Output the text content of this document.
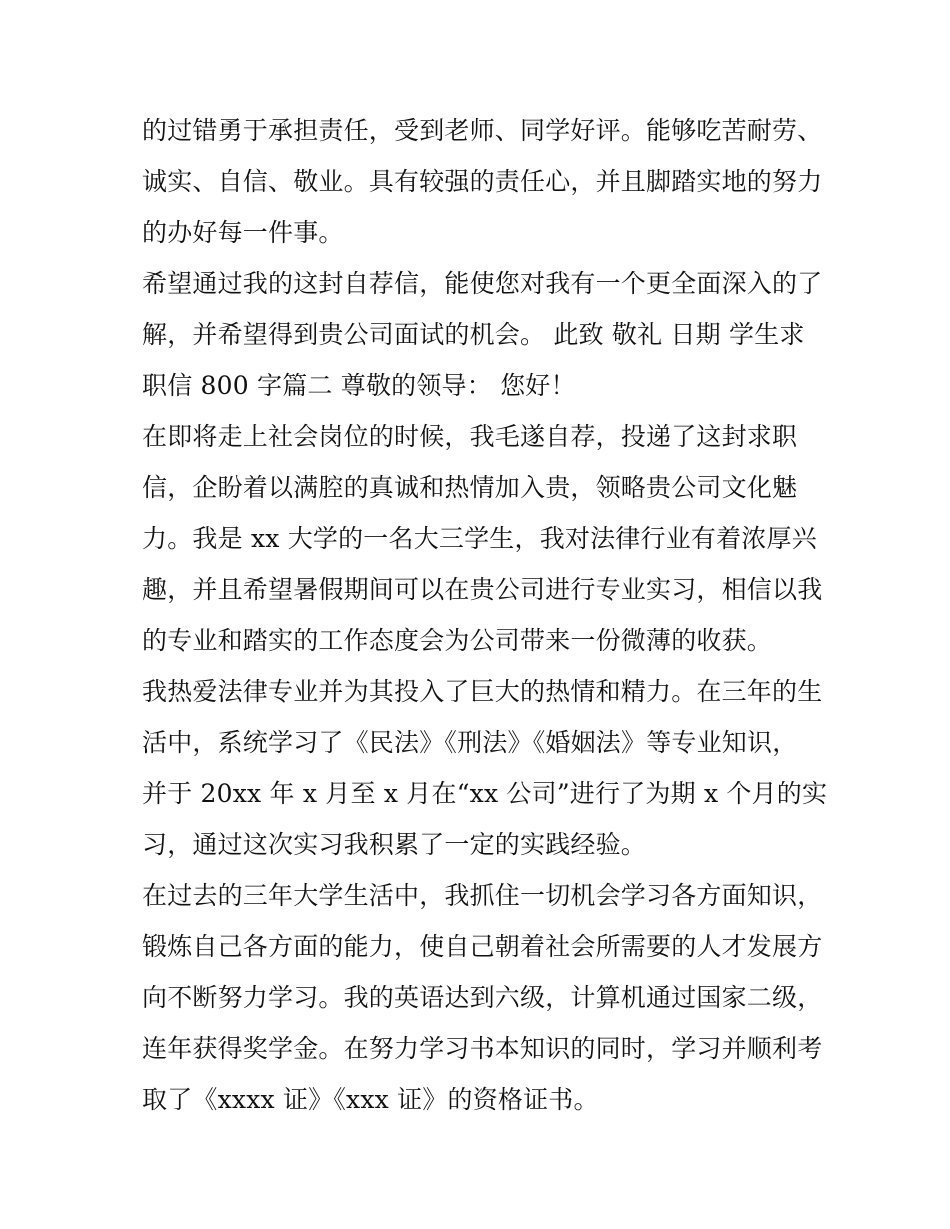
的过错勇于承担责任，受到老师、同学好评。能够吃苦耐劳、
诚实、自信、敬业。具有较强的责任心，并且脚踏实地的努力
的办好每一件事。
希望通过我的这封自荐信，能使您对我有一个更全面深入的了
解，并希望得到贵公司面试的机会。 此致 敬礼 日期 学生求
职信 800 字篇二 尊敬的领导： 您好！
在即将走上社会岗位的时候，我毛遂自荐，投递了这封求职
信，企盼着以满腔的真诚和热情加入贵，领略贵公司文化魅
力。我是 xx 大学的一名大三学生，我对法律行业有着浓厚兴
趣，并且希望暑假期间可以在贵公司进行专业实习，相信以我
的专业和踏实的工作态度会为公司带来一份微薄的收获。
我热爱法律专业并为其投入了巨大的热情和精力。在三年的生
活中，系统学习了《民法》《刑法》《婚姻法》等专业知识，
并于 20xx 年 x 月至 x 月在“xx 公司”进行了为期 x 个月的实
习，通过这次实习我积累了一定的实践经验。
在过去的三年大学生活中，我抓住一切机会学习各方面知识，
锻炼自己各方面的能力，使自己朝着社会所需要的人才发展方
向不断努力学习。我的英语达到六级，计算机通过国家二级，
连年获得奖学金。在努力学习书本知识的同时，学习并顺利考
取了《xxxx 证》《xxx 证》的资格证书。
